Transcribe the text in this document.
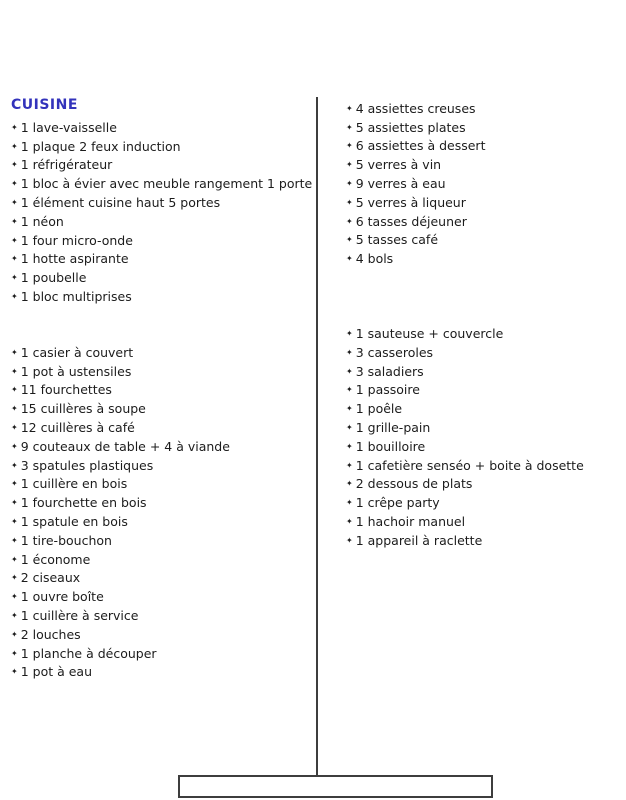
CUISINE
✦ 1 lave-vaisselle
✦ 1 plaque 2 feux induction
✦ 1 réfrigérateur
✦ 1 bloc à évier avec meuble rangement 1 porte
✦ 1 élément cuisine haut 5 portes
✦ 1 néon
✦ 1 four micro-onde
✦ 1 hotte aspirante
✦ 1 poubelle
✦ 1 bloc multiprises
✦ 1 casier à couvert
✦ 1 pot à ustensiles
✦ 11 fourchettes
✦ 15 cuillères à soupe
✦ 12 cuillères à café
✦ 9 couteaux de table + 4 à viande
✦ 3 spatules plastiques
✦ 1 cuillère en bois
✦ 1 fourchette en bois
✦ 1 spatule en bois
✦ 1 tire-bouchon
✦ 1 économe
✦ 2 ciseaux
✦ 1 ouvre boîte
✦ 1 cuillère à service
✦ 2 louches
✦ 1 planche à découper
✦ 1 pot à eau
✦ 4 assiettes creuses
✦ 5 assiettes plates
✦ 6 assiettes à dessert
✦ 5 verres à vin
✦ 9 verres à eau
✦ 5 verres à liqueur
✦ 6 tasses déjeuner
✦ 5 tasses café
✦ 4 bols
✦ 1 sauteuse + couvercle
✦ 3 casseroles
✦ 3 saladiers
✦ 1 passoire
✦ 1 poêle
✦ 1 grille-pain
✦ 1 bouilloire
✦ 1 cafetière senséo + boite à dosette
✦ 2 dessous de plats
✦ 1 crêpe party
✦ 1 hachoir manuel
✦ 1 appareil à raclette
